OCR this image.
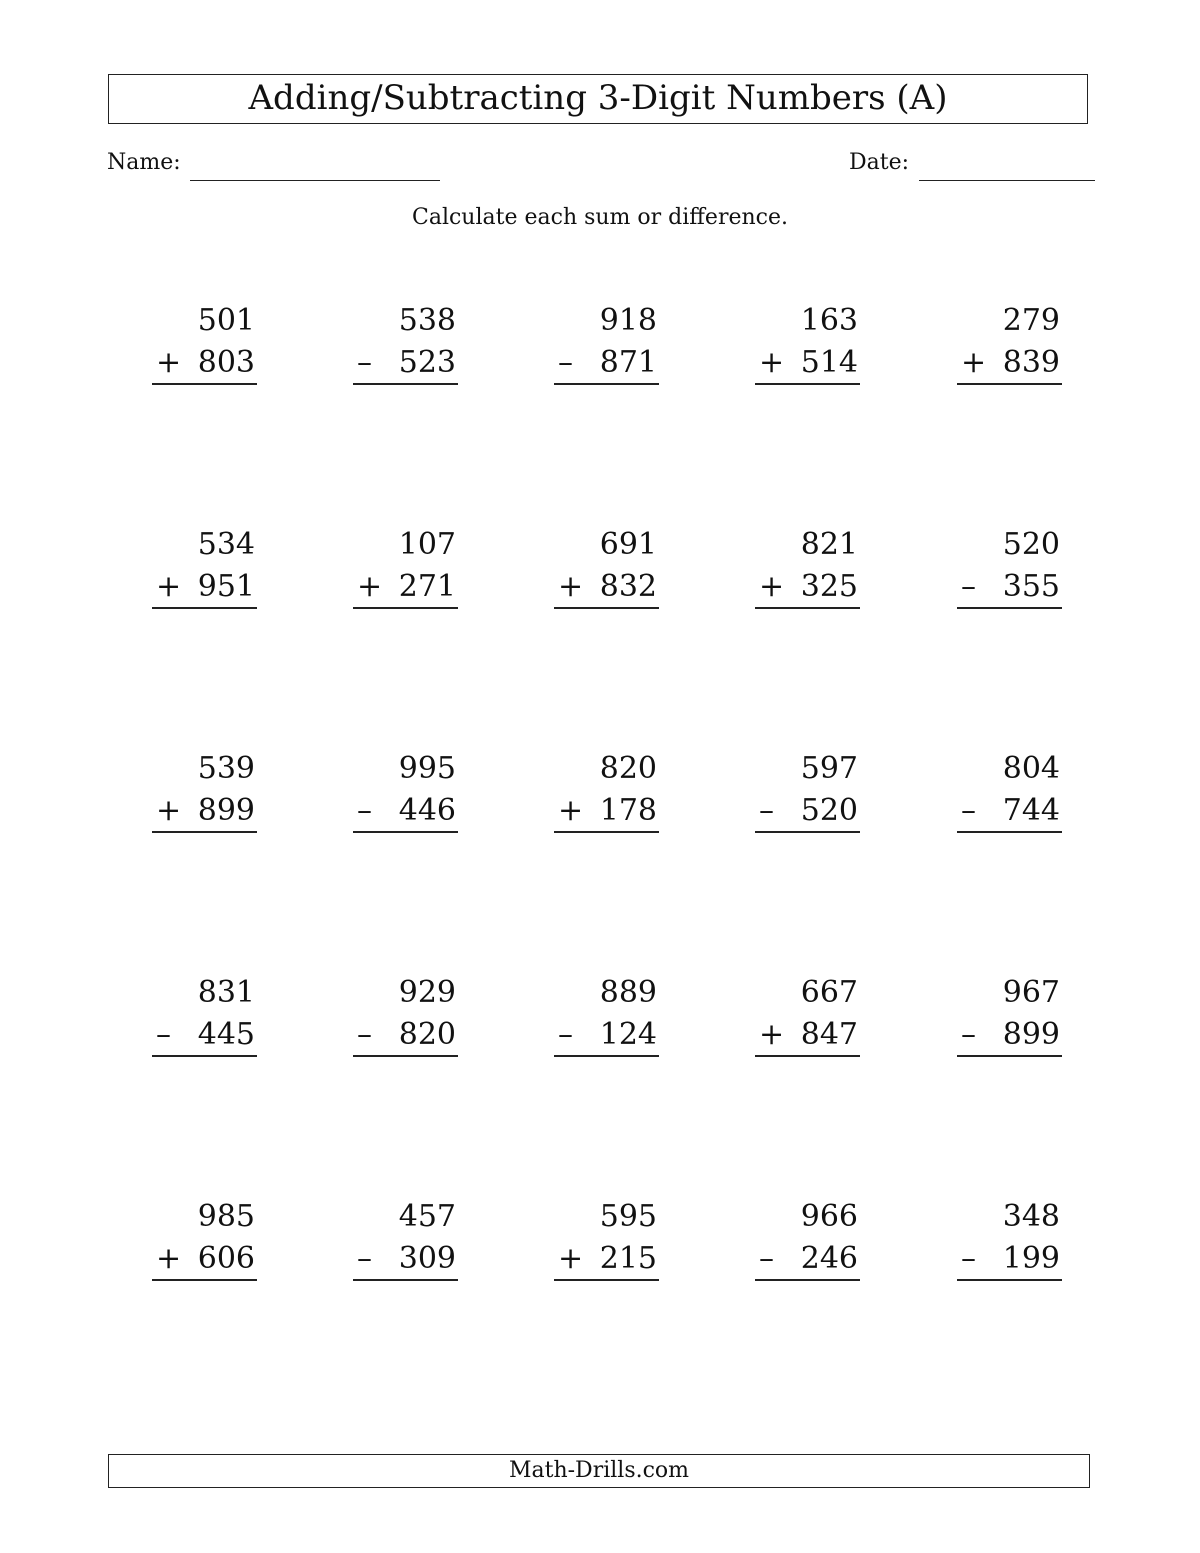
Adding/Subtracting 3-Digit Numbers (A)
Name:	Date:
Calculate each sum or difference.
501
+ 803
538
– 523
918
– 871
163
+ 514
279
+ 839
534
+ 951
107
+ 271
691
+ 832
821
+ 325
520
– 355
539
+ 899
995
– 446
820
+ 178
597
– 520
804
– 744
831
– 445
929
– 820
889
– 124
667
+ 847
967
– 899
985
+ 606
457
– 309
595
+ 215
966
– 246
348
– 199
Math-Drills.com
